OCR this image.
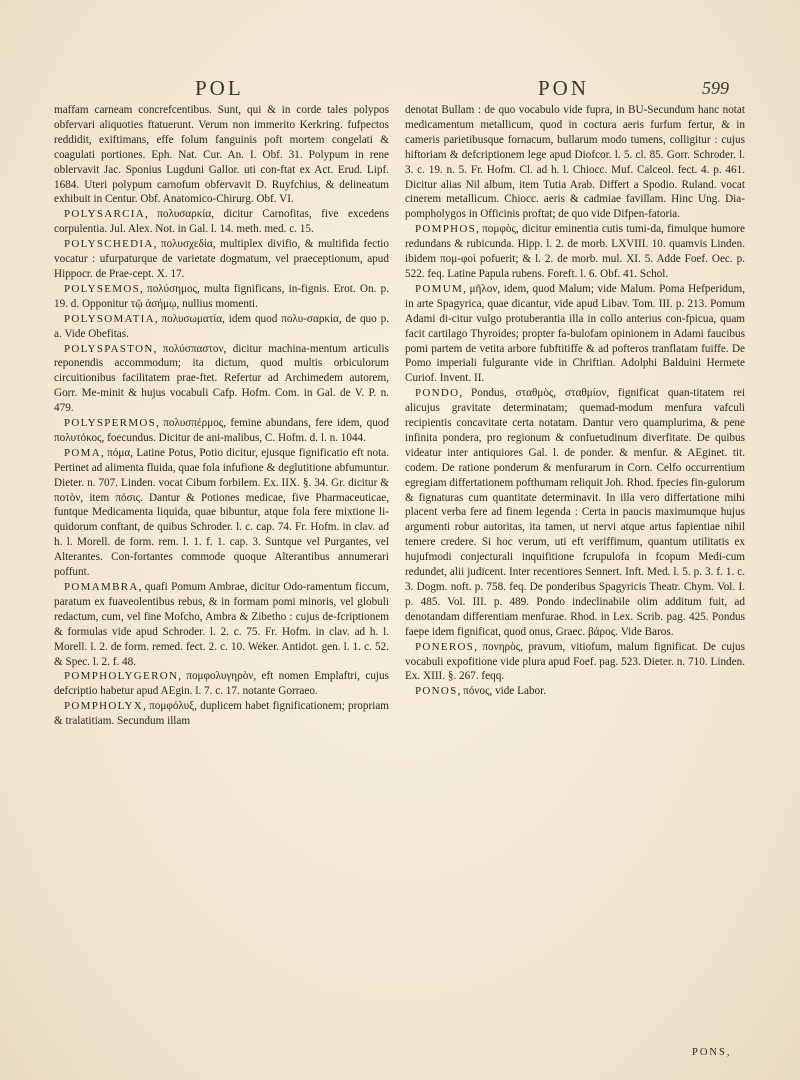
POL	PON	599

maffam carneam concrefcentibus. Sunt, qui & in corde tales polypos obfervari aliquoties ftatuerunt. Verum non immerito Kerkring. fufpectos reddidit, exiftimans, effe folum fanguinis poft mortem congelati & coagulati portiones. Eph. Nat. Cur. An. I. Obf. 31. Polypum in rene oblervavit Jac. Sponius Lugduni Gallor. uti con-ftat ex Act. Erud. Lipf. 1684. Uteri polypum carnofum obfervavit D. Ruyfchius, & delineatum exhibuit in Centur. Obf. Anatomico-Chirurg. Obf. VI.

POLYSARCIA, πολυσαρκία, dicitur Carnofitas, five excedens corpulentia. Jul. Alex. Not. in Gal. l. 14. meth. med. c. 15.

POLYSCHEDIA, πολυσχεδία, multiplex divifio, & multifida fectio vocatur : ufurpaturque de varietate dogmatum, vel praeceptionum, apud Hippocr. de Prae-cept. X. 17.

POLYSEMOS, πολύσημος, multa fignificans, in-fignis. Erot. On. p. 19. d. Opponitur τῷ ἀσήμῳ, nullius momenti.

POLYSOMATIA, πολυσωματία, idem quod πολυ-σαρκία, de quo p. a. Vide Obefitas.

POLYSPASTON, πολύσπαστον, dicitur machina-mentum articulis reponendis accommodum; ita dictum, quod multis orbiculorum circuitionibus facilitatem prae-ftet. Refertur ad Archimedem autorem, Gorr. Me-minit & hujus vocabuli Cafp. Hofm. Com. in Gal. de V. P. n. 479.

POLYSPERMOS, πολυσπέρμος, femine abundans, fere idem, quod πολυτόκος, foecundus. Dicitur de ani-malibus, C. Hofm. d. l. n. 1044.

POMA, πόμα, Latine Potus, Potio dicitur, ejusque fignificatio eft nota. Pertinet ad alimenta fluida, quae fola infufione & deglutitione abfumuntur. Dieter. n. 707. Linden. vocat Cibum forbilem. Ex. IIX. §. 34. Gr. dicitur & ποτὸν, item πόσις. Dantur & Potiones medicae, five Pharmaceuticae, funtque Medicamenta liquida, quae bibuntur, atque fola fere mixtione li-quidorum conftant, de quibus Schroder. l. c. cap. 74. Fr. Hofm. in clav. ad h. l. Morell. de form. rem. l. 1. f. 1. cap. 3. Suntque vel Purgantes, vel Alterantes. Con-fortantes commode quoque Alterantibus annumerari poffunt.

POMAMBRA, quafi Pomum Ambrae, dicitur Odo-ramentum ficcum, paratum ex fuaveolentibus rebus, & in formam pomi minoris, vel globuli redactum, cum, vel fine Mofcho, Ambra & Zibetho : cujus de-fcriptionem & formulas vide apud Schroder. l. 2. c. 75. Fr. Hofm. in clav. ad h. l. Morell. l. 2. de form. remed. fect. 2. c. 10. Weker. Antidot. gen. l. 1. c. 52. & Spec. l. 2. f. 48.

POMPHOLYGERON, πομφολυγηρὸν, eft nomen Emplaftri, cujus defcriptio habetur apud AEgin. l. 7. c. 17. notante Gorraeo.

POMPHOLYX, πομφόλυξ, duplicem habet fignificationem; propriam & tralatitiam. Secundum illam

denotat Bullam : de quo vocabulo vide fupra, in BU-Secundum hanc notat medicamentum metallicum, quod in coctura aeris furfum fertur, & in cameris parietibusque fornacum, bullarum modo tumens, colligitur : cujus hiftoriam & defcriptionem lege apud Diofcor. l. 5. cl. 85. Gorr. Schroder. l. 3. c. 19. n. 5. Fr. Hofm. Cl. ad h. l. Chiocc. Muf. Calceol. fect. 4. p. 461. Dicitur alias Nil album, item Tutia Arab. Differt a Spodio. Ruland. vocat cinerem metallicum. Chiocc. aeris & cadmiae favillam. Hinc Ung. Dia-pompholygos in Officinis proftat; de quo vide Difpen-fatoria.

POMPHOS, πομφὸς, dicitur eminentia cutis tumi-da, fimulque humore redundans & rubicunda. Hipp. l. 2. de morb. LXVIII. 10. quamvis Linden. ibidem πομ-φοὶ pofuerit; & l. 2. de morb. mul. XI. 5. Adde Foef. Oec. p. 522. feq. Latine Papula rubens. Foreft. l. 6. Obf. 41. Schol.

POMUM, μῆλον, idem, quod Malum; vide Malum. Poma Hefperidum, in arte Spagyrica, quae dicantur, vide apud Libav. Tom. III. p. 213. Pomum Adami di-citur vulgo protuberantia illa in collo anterius con-fpicua, quam facit cartilago Thyroides; propter fa-bulofam opinionem in Adami faucibus pomi partem de vetita arbore fubftitiffe & ad pofteros tranflatam fuiffe. De Pomo imperiali fulgurante vide in Chriftian. Adolphi Balduini Hermete Curiof. Invent. II.

PONDO, Pondus, σταθμὸς, σταθμίον, fignificat quan-titatem rei alicujus gravitate determinatam; quemad-modum menfura vafculi recipientis concavitate certa notatam. Dantur vero quamplurima, & pene infinita pondera, pro regionum & confuetudinum diverfitate. De quibus videatur inter antiquiores Gal. l. de ponder. & menfur. & AEginet. tit. codem. De ratione ponderum & menfurarum in Corn. Celfo occurrentium egregiam differtationem pofthumam reliquit Joh. Rhod. fpecies fin-gulorum & fignaturas cum quantitate determinavit. In illa vero differtatione mihi placent verba fere ad finem legenda : Certa in paucis maximumque hujus argumenti robur autoritas, ita tamen, ut nervi atque artus fapientiae nihil temere credere. Si hoc verum, uti eft veriffimum, quantum utilitatis ex hujufmodi conjecturali inquifitione fcrupulofa in fcopum Medi-cum redundet, alii judicent. Inter recentiores Sennert. Inft. Med. l. 5. p. 3. f. 1. c. 3. Dogm. noft. p. 758. feq. De ponderibus Spagyricis Theatr. Chym. Vol. I. p. 485. Vol. III. p. 489. Pondo indeclinabile olim additum fuit, ad denotandam differentiam menfurae. Rhod. in Lex. Scrib. pag. 425. Pondus faepe idem fignificat, quod onus, Graec. βάρος. Vide Baros.

PONEROS, πονηρὸς, pravum, vitiofum, malum fignificat. De cujus vocabuli expofitione vide plura apud Foef. pag. 523. Dieter. n. 710. Linden. Ex. XIII. §. 267. feqq.

PONOS, πόνος, vide Labor.

PONS,
